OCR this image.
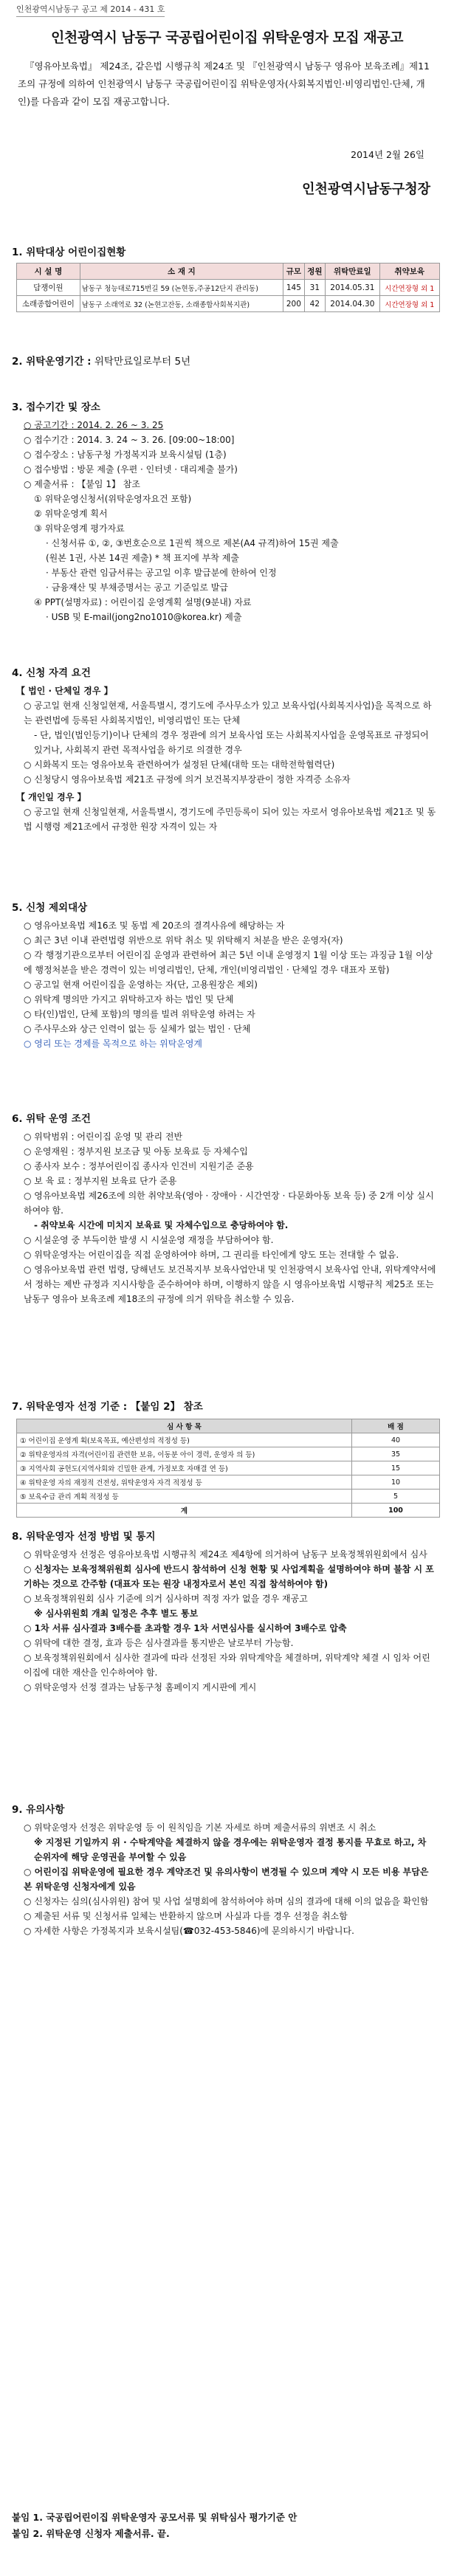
인천광역시남동구 공고 제 2014 - 431 호
인천광역시 남동구 국공립어린이집 위탁운영자 모집 재공고
『영유아보육법』 제24조, 같은법 시행규칙 제24조 및 『인천광역시 남동구 영유아 보육조례』제11조의 규정에 의하여 인천광역시 남동구 국공립어린이집 위탁운영자(사회복지법인·비영리법인·단체, 개인)를 다음과 같이 모집 재공고합니다.
2014년 2월 26일
인천광역시남동구청장
1. 위탁대상 어린이집현황
시 설 명	소 재 지	규모	정원	위탁만료일	취약보육
담쟁이원	남동구 청능대로715번길 59 (논현동,주공12단지 관리동)	145	31	2014.05.31	시간연장형 외 1
소래종합어린이	남동구 소래역로 32 (논현고잔동, 소래종합사회복지관)	200	42	2014.04.30	시간연장형 외 1
2. 위탁운영기간 : 위탁만료일로부터 5년
3. 접수기간 및 장소
○ 공고기간 : 2014. 2. 26 ~ 3. 25
○ 접수기간 : 2014. 3. 24 ~ 3. 26. [09:00~18:00]
○ 접수장소 : 남동구청 가정복지과 보육시설팀 (1층)
○ 접수방법 : 방문 제출 (우편 · 인터넷 · 대리제출 불가)
○ 제출서류 : 【붙임 1】 참조
① 위탁운영신청서(위탁운영자요건 포함)
② 위탁운영계 획서
③ 위탁운영계 평가자료
· 신청서류 ①, ②, ③번호순으로 1권씩 책으로 제본(A4 규격)하여 15권 제출
(원본 1권, 사본 14권 제출) * 책 표지에 부착 제출
· 부동산 관련 임금서류는 공고일 이후 발급분에 한하여 인정
· 금융재산 및 부채증명서는 공고 기준일로 발급
④ PPT(설명자료) : 어린이집 운영계획 설명(9분내) 자료
· USB 및 E-mail(jong2no1010@korea.kr) 제출
4. 신청 자격 요건
【 법인 · 단체일 경우 】
○ 공고일 현재 신청일현재, 서울특별시, 경기도에 주사무소가 있고 보육사업(사회복지사업)을 목적으로 하는 관련법에 등록된 사회복지법인, 비영리법인 또는 단체
- 단, 법인(법인등기)이나 단체의 경우 정관에 의거 보육사업 또는 사회복지사업을 운영목표로 규정되어 있거나, 사회복지 관련 목적사업을 하기로 의결한 경우
○ 시화복지 또는 영유아보육 관련하여가 설정된 단체(대학 또는 대학전학협력단)
○ 신청당시 영유아보육법 제21조 규정에 의거 보건복지부장관이 정한 자격증 소유자
【 개인일 경우 】
○ 공고일 현재 신청일현재, 서울특별시, 경기도에 주민등록이 되어 있는 자로서 영유아보육법 제21조 및 동법 시행령 제21조에서 규정한 원장 자격이 있는 자
5. 신청 제외대상
○ 영유아보육법 제16조 및 동법 제 20조의 결격사유에 해당하는 자
○ 최근 3년 이내 관련법령 위반으로 위탁 취소 및 위탁해지 처분을 받은 운영자(자)
○ 각 행정기관으로부터 어린이집 운영과 관련하여 최근 5년 이내 운영정지 1월 이상 또는 과징금 1월 이상에 행정처분을 받은 경력이 있는 비영리법인, 단체, 개인(비영리법인 · 단체일 경우 대표자 포함)
○ 공고일 현재 어린이집을 운영하는 자(단, 고용원장은 제외)
○ 위탁계 명의만 가지고 위탁하고자 하는 법인 및 단체
○ 타(인)법인, 단체 포함)의 명의를 빌려 위탁운영 하려는 자
○ 주사무소와 상근 인력이 없는 등 실체가 없는 법인 · 단체
○ 영리 또는 경제를 목적으로 하는 위탁운영계
6. 위탁 운영 조건
○ 위탁범위 : 어린이집 운영 및 관리 전반
○ 운영재원 : 정부지원 보조금 및 아동 보육료 등 자체수입
○ 종사자 보수 : 정부어린이집 종사자 인건비 지원기준 준용
○ 보 육 료 : 정부지원 보육료 단가 준용
○ 영유아보육법 제26조에 의한 취약보육(영아 · 장애아 · 시간연장 · 다문화아동 보육 등) 중 2개 이상 실시하여야 함.
- 취약보육 시간에 미치지 보육료 및 자체수입으로 충당하여야 함.
○ 시설운영 중 부득이한 발생 시 시설운영 재정을 부담하여야 함.
○ 위탁운영자는 어린이집을 직접 운영하여야 하며, 그 권리를 타인에게 양도 또는 전대할 수 없음.
○ 영유아보육법 관련 법령, 당해년도 보건복지부 보육사업안내 및 인천광역시 보육사업 안내, 위탁계약서에서 정하는 제반 규정과 지시사항을 준수하여야 하며, 이행하지 않을 시 영유아보육법 시행규칙 제25조 또는 남동구 영유아 보육조례 제18조의 규정에 의거 위탁을 취소할 수 있음.
7. 위탁운영자 선정 기준 : 【붙임 2】 참조
심 사 항 목	배 점
① 어린이집 운영계 획(보육목표, 예산편성의 적정성 등)	40
② 위탁운영자의 자격(어린이집 관련한 보유, 이동분 아이 경력, 운영자 의 등)	35
③ 지역사회 공헌도(지역사회와 긴밀한 관계, 가정보호 자매결 연 등)	15
④ 위탁운영 자의 재정적 건전성, 위탁운영자 자격 적정성 등	10
⑤ 보육수급 관리 계획 적정성 등	5
계	100
8. 위탁운영자 선정 방법 및 통지
○ 위탁운영자 선정은 영유아보육법 시행규칙 제24조 제4항에 의거하여 남동구 보육정책위원회에서 심사
○ 신청자는 보육정책위원회 심사에 반드시 참석하여 신청 현황 및 사업계획을 설명하여야 하며 불참 시 포기하는 것으로 간주함 (대표자 또는 원장 내정자로서 본인 직접 참석하여야 함)
○ 보육정책위원회 심사 기준에 의거 심사하며 적정 자가 없을 경우 재공고
※ 심사위원회 개최 일정은 추후 별도 통보
○ 1차 서류 심사결과 3배수를 초과할 경우 1차 서면심사를 실시하여 3배수로 압축
○ 위탁에 대한 결정, 효과 등은 심사결과를 통지받은 날로부터 가능함.
○ 보육정책위원회에서 심사한 결과에 따라 선정된 자와 위탁계약을 체결하며, 위탁계약 체결 시 임차 어린이집에 대한 재산을 인수하여야 함.
○ 위탁운영자 선정 결과는 남동구청 홈페이지 게시판에 게시
9. 유의사항
○ 위탁운영자 선정은 위탁운영 등 이 원칙임을 기본 자세로 하며 제출서류의 위변조 시 취소
※ 지정된 기일까지 위 · 수탁계약을 체결하지 않을 경우에는 위탁운영자 결정 통지를 무효로 하고, 차 순위자에 해당 운영권을 부여할 수 있음
○ 어린이집 위탁운영에 필요한 경우 계약조건 및 유의사항이 변경될 수 있으며 계약 시 모든 비용 부담은 본 위탁운영 신청자에게 있음
○ 신청자는 심의(심사위원) 참여 및 사업 설명회에 참석하여야 하며 심의 결과에 대해 이의 없음을 확인함
○ 제출된 서류 및 신청서류 일체는 반환하지 않으며 사실과 다를 경우 선정을 취소함
○ 자세한 사항은 가정복지과 보육시설팀(☎032-453-5846)에 문의하시기 바랍니다.
붙임 1. 국공립어린이집 위탁운영자 공모서류 및 위탁심사 평가기준 안
붙임 2. 위탁운영 신청자 제출서류. 끝.
